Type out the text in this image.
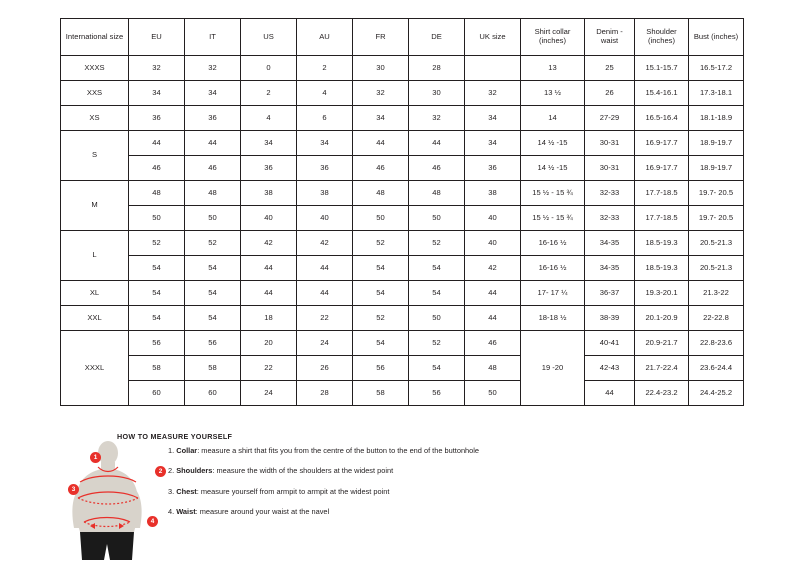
International size	EU	IT	US	AU	FR	DE	UK size	Shirt collar (inches)	Denim - waist	Shoulder (inches)	Bust (inches)
XXXS	32	32	0	2	30	28		13	25	15.1-15.7	16.5-17.2
XXS	34	34	2	4	32	30	32	13 ½	26	15.4-16.1	17.3-18.1
XS	36	36	4	6	34	32	34	14	27-29	16.5-16.4	18.1-18.9
S	44	44	34	34	44	44	34	14 ½ -15	30-31	16.9-17.7	18.9-19.7
	46	46	36	36	46	46	36	14 ½ -15	30-31	16.9-17.7	18.9-19.7
M	48	48	38	38	48	48	38	15 ½ - 15 ¾	32-33	17.7-18.5	19.7- 20.5
	50	50	40	40	50	50	40	15 ½ - 15 ¾	32-33	17.7-18.5	19.7- 20.5
L	52	52	42	42	52	52	40	16-16 ½	34-35	18.5-19.3	20.5-21.3
	54	54	44	44	54	54	42	16-16 ½	34-35	18.5-19.3	20.5-21.3
XL	54	54	44	44	54	54	44	17- 17 ¼	36-37	19.3-20.1	21.3-22
XXL	54	54	18	22	52	50	44	18-18 ½	38-39	20.1-20.9	22-22.8
XXXL	56	56	20	24	54	52	46	19 -20	40-41	20.9-21.7	22.8-23.6
	58	58	22	26	56	54	48		42-43	21.7-22.4	23.6-24.4
	60	60	24	28	58	56	50		44	22.4-23.2	24.4-25.2
HOW TO MEASURE YOURSELF
1. Collar: measure a shirt that fits you from the centre of the button to the end of the buttonhole
2. Shoulders: measure the width of the shoulders at the widest point
3. Chest: measure yourself from armpit to armpit at the widest point
4. Waist: measure around your waist at the navel
1
2
3
4
